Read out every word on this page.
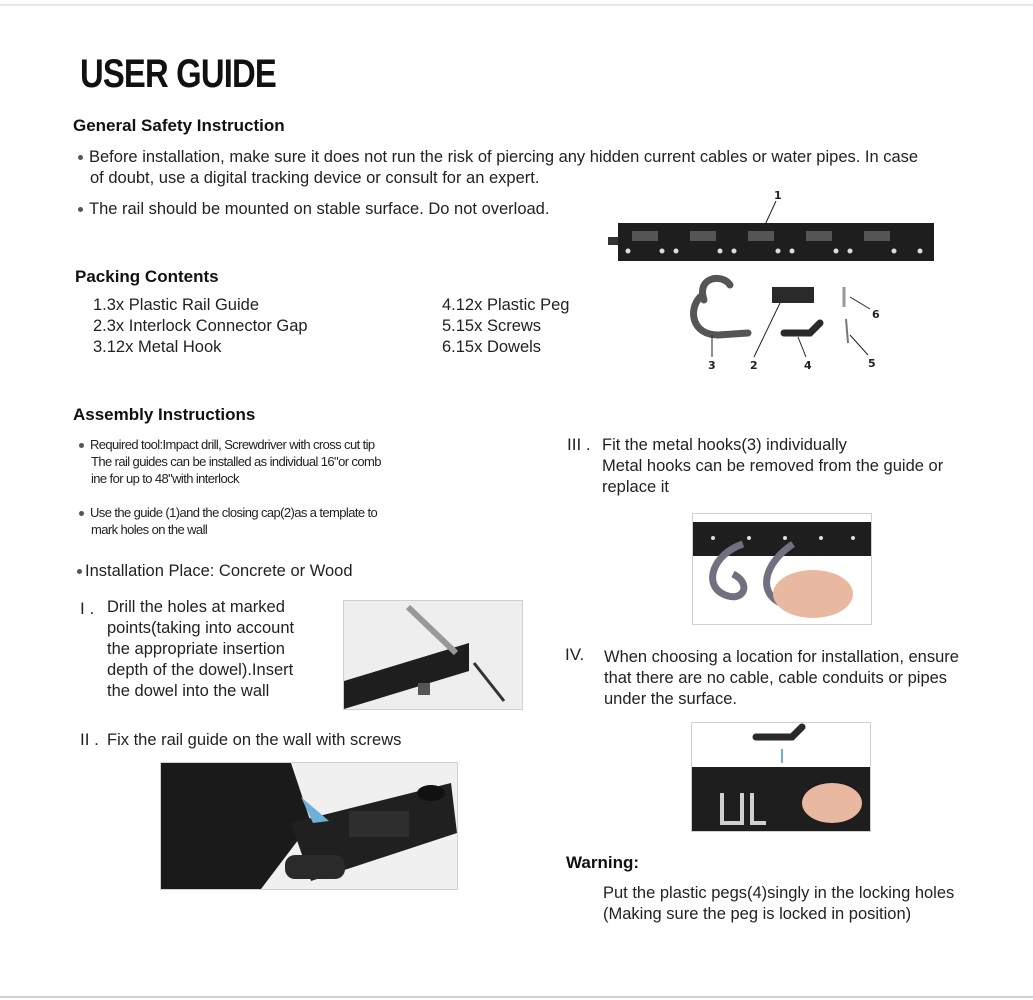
USER GUIDE
General Safety Instruction
Before installation, make sure it does not run the risk of piercing any hidden current cables or water pipes. In case
of doubt, use a digital tracking device or consult for an expert.
The rail should be mounted on stable surface. Do not overload.
Packing Contents
1.3x Plastic Rail Guide
2.3x Interlock Connector Gap
3.12x Metal Hook
4.12x Plastic Peg
5.15x Screws
6.15x Dowels
1
2
3	4	5
6
Assembly Instructions
Required tool:Impact drill, Screwdriver with cross cut tip
The rail guides can be installed as individual 16"or comb
ine for up to 48"with interlock
Use the guide (1)and the closing cap(2)as a template to
mark holes on the wall
Installation Place: Concrete or Wood
I . Drill the holes at marked
points(taking into account
the appropriate insertion
depth of the dowel).Insert
the dowel into the wall
II . Fix the rail guide on the wall with screws
III . Fit the metal hooks(3) individually
Metal hooks can be removed from the guide or
replace it
IV. When choosing a location for installation, ensure
that there are no cable, cable conduits or pipes
under the surface.
Warning:
Put the plastic pegs(4)singly in the locking holes
(Making sure the peg is locked in position)
